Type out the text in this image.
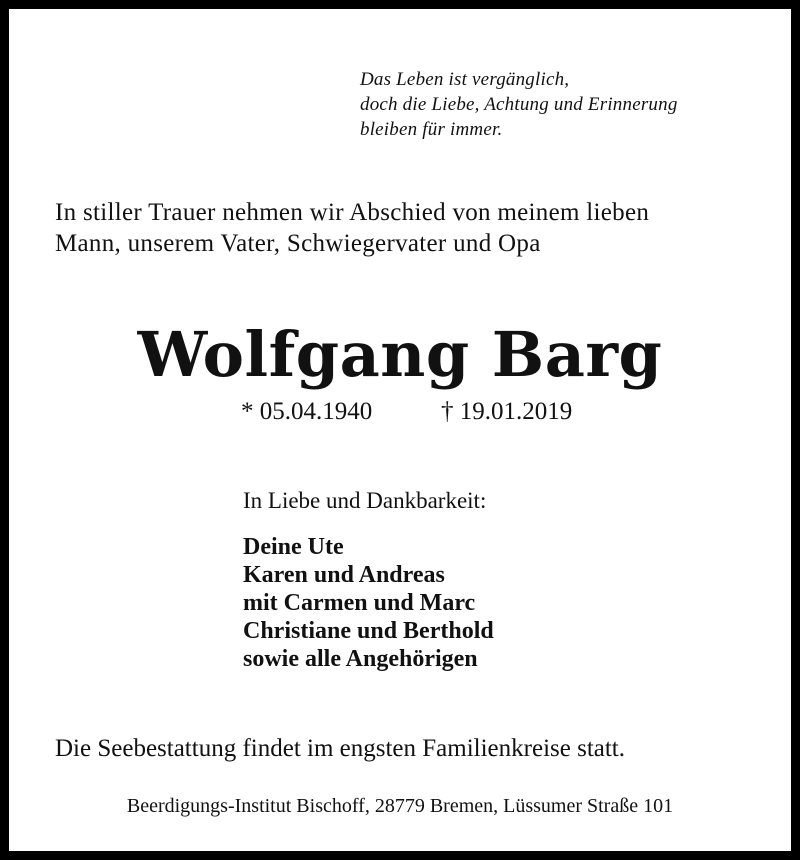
Das Leben ist vergänglich,
doch die Liebe, Achtung und Erinnerung
bleiben für immer.
In stiller Trauer nehmen wir Abschied von meinem lieben
Mann, unserem Vater, Schwiegervater und Opa
Wolfgang Barg
* 05.04.1940	† 19.01.2019
In Liebe und Dankbarkeit:
Deine Ute
Karen und Andreas
mit Carmen und Marc
Christiane und Berthold
sowie alle Angehörigen
Die Seebestattung findet im engsten Familienkreise statt.
Beerdigungs-Institut Bischoff, 28779 Bremen, Lüssumer Straße 101
